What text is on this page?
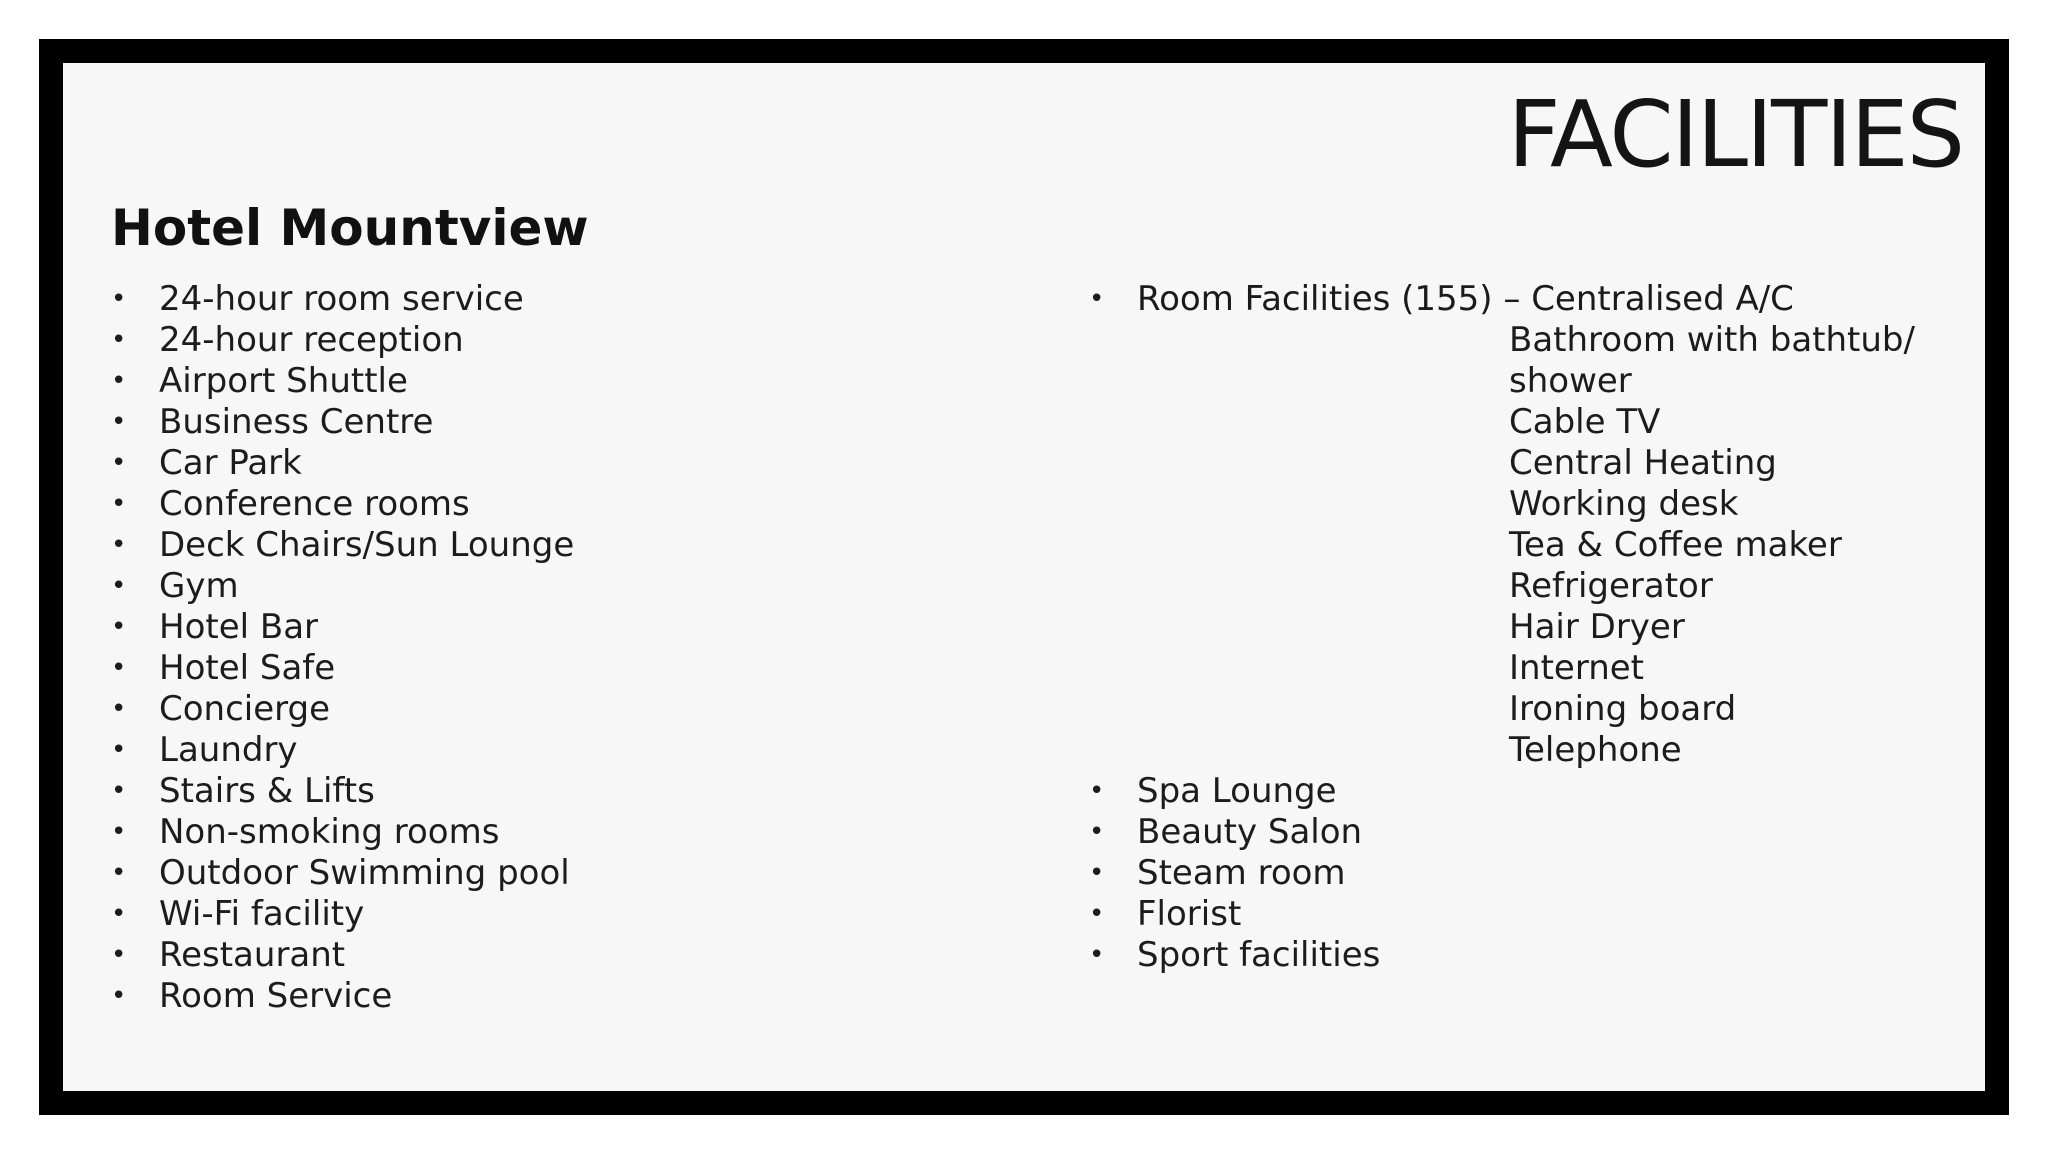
FACILITIES
Hotel Mountview
• 24-hour room service
• 24-hour reception
• Airport Shuttle
• Business Centre
• Car Park
• Conference rooms
• Deck Chairs/Sun Lounge
• Gym
• Hotel Bar
• Hotel Safe
• Concierge
• Laundry
• Stairs & Lifts
• Non-smoking rooms
• Outdoor Swimming pool
• Wi-Fi facility
• Restaurant
• Room Service
• Room Facilities (155) – Centralised A/C
Bathroom with bathtub/
shower
Cable TV
Central Heating
Working desk
Tea & Coffee maker
Refrigerator
Hair Dryer
Internet
Ironing board
Telephone
• Spa Lounge
• Beauty Salon
• Steam room
• Florist
• Sport facilities
